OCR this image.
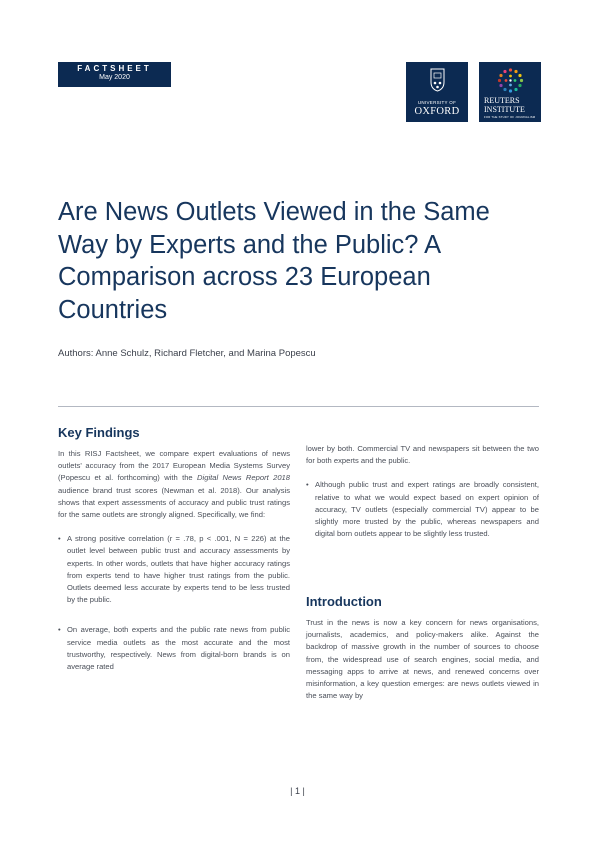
FACTSHEET
May 2020
UNIVERSITY OF
OXFORD
REUTERS
INSTITUTE
FOR THE STUDY OF JOURNALISM
Are News Outlets Viewed in the Same Way by Experts and the Public? A Comparison across 23 European Countries
Authors: Anne Schulz, Richard Fletcher, and Marina Popescu
Key Findings

In this RISJ Factsheet, we compare expert evaluations of news outlets' accuracy from the 2017 European Media Systems Survey (Popescu et al. forthcoming) with the Digital News Report 2018 audience brand trust scores (Newman et al. 2018). Our analysis shows that expert assessments of accuracy and public trust ratings for the same outlets are strongly aligned. Specifically, we find:

• A strong positive correlation (r = .78, p < .001, N = 226) at the outlet level between public trust and accuracy assessments by experts. In other words, outlets that have higher accuracy ratings from experts tend to have higher trust ratings from the public. Outlets deemed less accurate by experts tend to be less trusted by the public.
• On average, both experts and the public rate news from public service media outlets as the most accurate and the most trustworthy, respectively. News from digital-born brands is on average rated

lower by both. Commercial TV and newspapers sit between the two for both experts and the public.

• Although public trust and expert ratings are broadly consistent, relative to what we would expect based on expert opinion of accuracy, TV outlets (especially commercial TV) appear to be slightly more trusted by the public, whereas newspapers and digital born outlets appear to be slightly less trusted.
Introduction

Trust in the news is now a key concern for news organisations, journalists, academics, and policy-makers alike. Against the backdrop of massive growth in the number of sources to choose from, the widespread use of search engines, social media, and messaging apps to arrive at news, and renewed concerns over misinformation, a key question emerges: are news outlets viewed in the same way by

| 1 |
